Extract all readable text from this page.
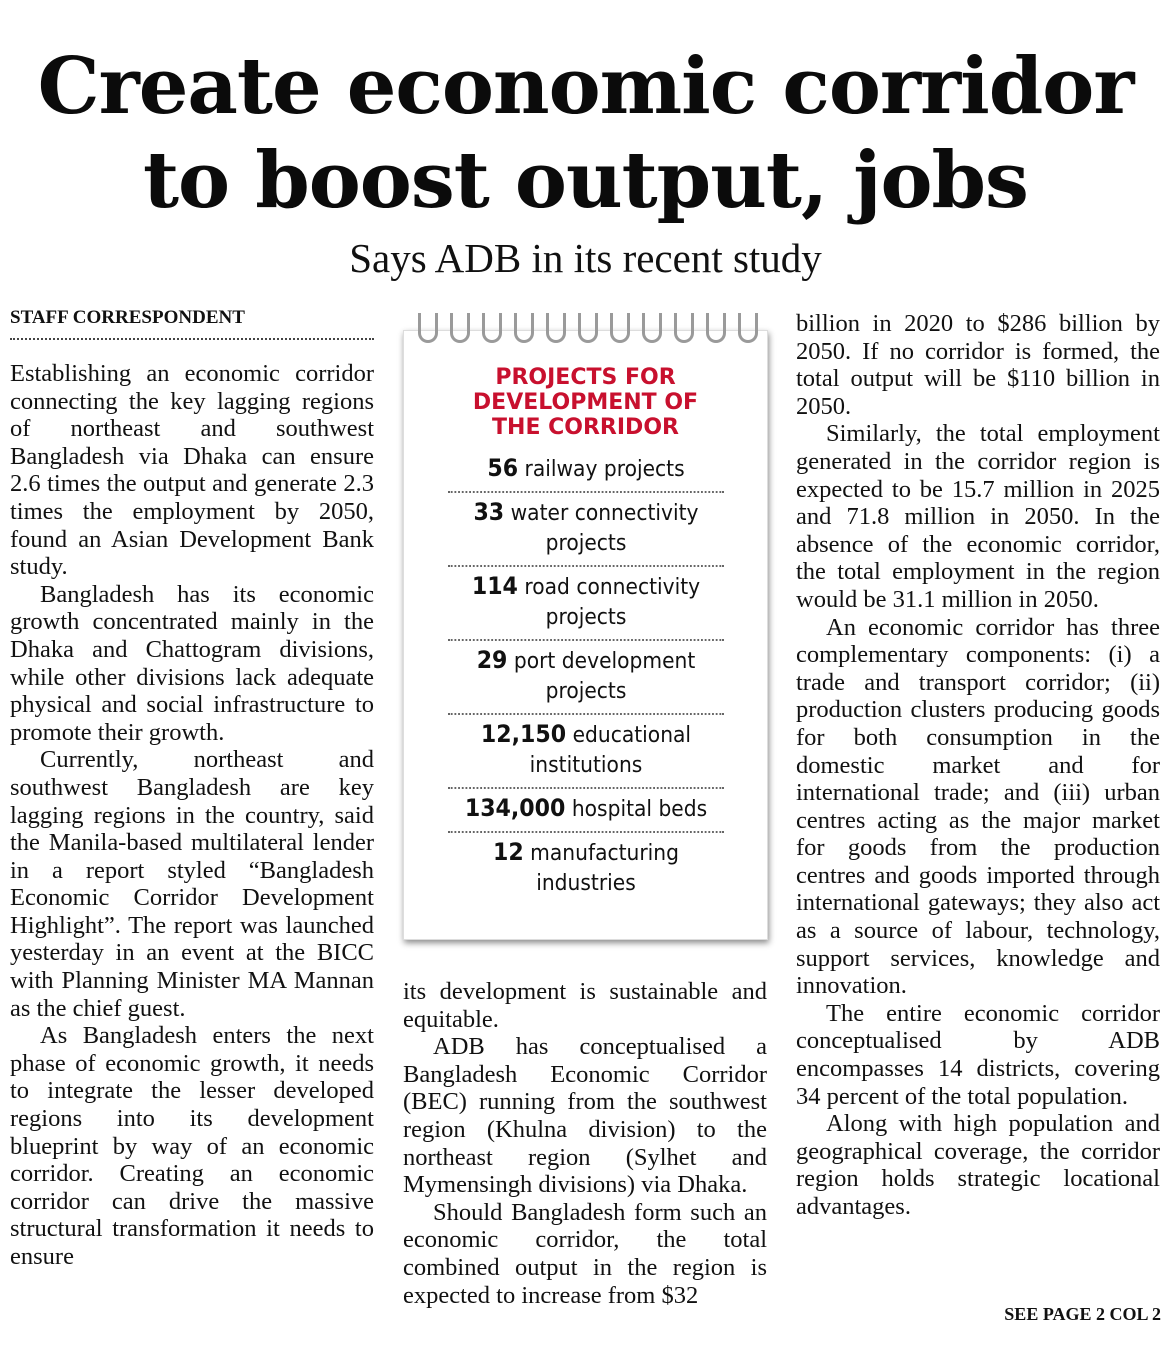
Create economic corridor
to boost output, jobs
Says ADB in its recent study
STAFF CORRESPONDENT

Establishing an economic corridor connecting the key lagging regions of northeast and southwest Bangladesh via Dhaka can ensure 2.6 times the output and generate 2.3 times the employment by 2050, found an Asian Development Bank study.

Bangladesh has its economic growth concentrated mainly in the Dhaka and Chattogram divisions, while other divisions lack adequate physical and social infrastructure to promote their growth.

Currently, northeast and southwest Bangladesh are key lagging regions in the country, said the Manila-based multilateral lender in a report styled “Bangladesh Economic Corridor Development Highlight”. The report was launched yesterday in an event at the BICC with Planning Minister MA Mannan as the chief guest.

As Bangladesh enters the next phase of economic growth, it needs to integrate the lesser developed regions into its development blueprint by way of an economic corridor. Creating an economic corridor can drive the massive structural transformation it needs to ensure

PROJECTS FOR
DEVELOPMENT OF
THE CORRIDOR
56 railway projects
33 water connectivity projects
114 road connectivity projects
29 port development projects
12,150 educational institutions
134,000 hospital beds
12 manufacturing industries

its development is sustainable and equitable.

ADB has conceptualised a Bangladesh Economic Corridor (BEC) running from the southwest region (Khulna division) to the northeast region (Sylhet and Mymensingh divisions) via Dhaka.

Should Bangladesh form such an economic corridor, the total combined output in the region is expected to increase from $32

billion in 2020 to $286 billion by 2050. If no corridor is formed, the total output will be $110 billion in 2050.

Similarly, the total employment generated in the corridor region is expected to be 15.7 million in 2025 and 71.8 million in 2050. In the absence of the economic corridor, the total employment in the region would be 31.1 million in 2050.

An economic corridor has three complementary components: (i) a trade and transport corridor; (ii) production clusters producing goods for both consumption in the domestic market and for international trade; and (iii) urban centres acting as the major market for goods from the production centres and goods imported through international gateways; they also act as a source of labour, technology, support services, knowledge and innovation.

The entire economic corridor conceptualised by ADB encompasses 14 districts, covering 34 percent of the total population.

Along with high population and geographical coverage, the corridor region holds strategic locational advantages.

SEE PAGE 2 COL 2
